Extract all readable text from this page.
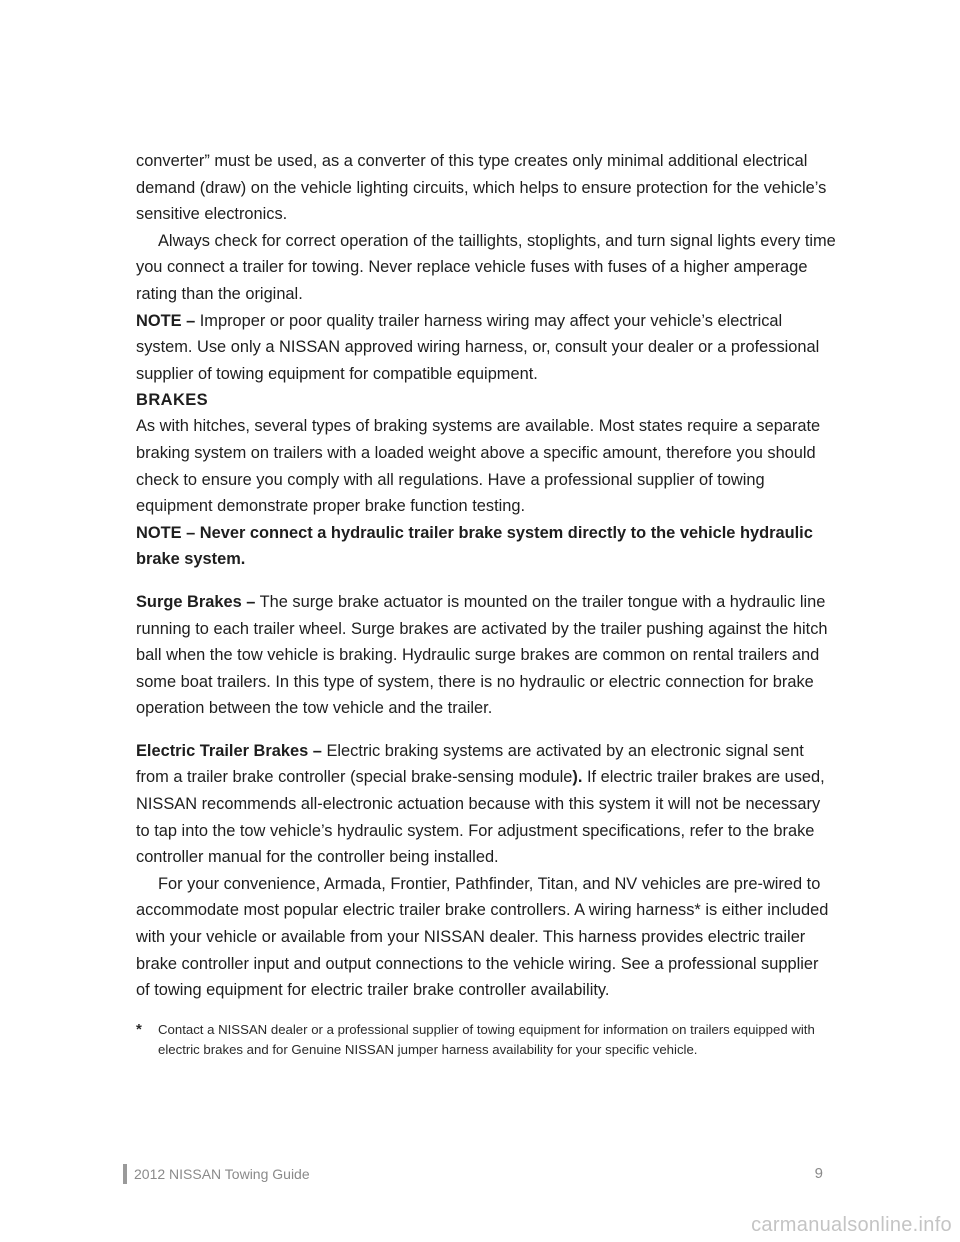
converter” must be used, as a converter of this type creates only minimal additional electrical demand (draw) on the vehicle lighting circuits, which helps to ensure protection for the vehicle’s sensitive electronics.

Always check for correct operation of the taillights, stoplights, and turn signal lights every time you connect a trailer for towing. Never replace vehicle fuses with fuses of a higher amperage rating than the original.

NOTE – Improper or poor quality trailer harness wiring may affect your vehicle’s electrical system. Use only a NISSAN approved wiring harness, or, consult your dealer or a professional supplier of towing equipment for compatible equipment.

BRAKES

As with hitches, several types of braking systems are available. Most states require a separate braking system on trailers with a loaded weight above a specific amount, therefore you should check to ensure you comply with all regulations. Have a professional supplier of towing equipment demonstrate proper brake function testing.

NOTE – Never connect a hydraulic trailer brake system directly to the vehicle hydraulic brake system.

Surge Brakes – The surge brake actuator is mounted on the trailer tongue with a hydraulic line running to each trailer wheel. Surge brakes are activated by the trailer pushing against the hitch ball when the tow vehicle is braking. Hydraulic surge brakes are common on rental trailers and some boat trailers. In this type of system, there is no hydraulic or electric connection for brake operation between the tow vehicle and the trailer.

Electric Trailer Brakes – Electric braking systems are activated by an electronic signal sent from a trailer brake controller (special brake-sensing module). If electric trailer brakes are used, NISSAN recommends all-electronic actuation because with this system it will not be necessary to tap into the tow vehicle’s hydraulic system. For adjustment specifications, refer to the brake controller manual for the controller being installed.

For your convenience, Armada, Frontier, Pathfinder, Titan, and NV vehicles are pre-wired to accommodate most popular electric trailer brake controllers. A wiring harness* is either included with your vehicle or available from your NISSAN dealer. This harness provides electric trailer brake controller input and output connections to the vehicle wiring. See a professional supplier of towing equipment for electric trailer brake controller availability.

*	Contact a NISSAN dealer or a professional supplier of towing equipment for information on trailers equipped with electric brakes and for Genuine NISSAN jumper harness availability for your specific vehicle.
2012 NISSAN Towing Guide	9
carmanualsonline.info
